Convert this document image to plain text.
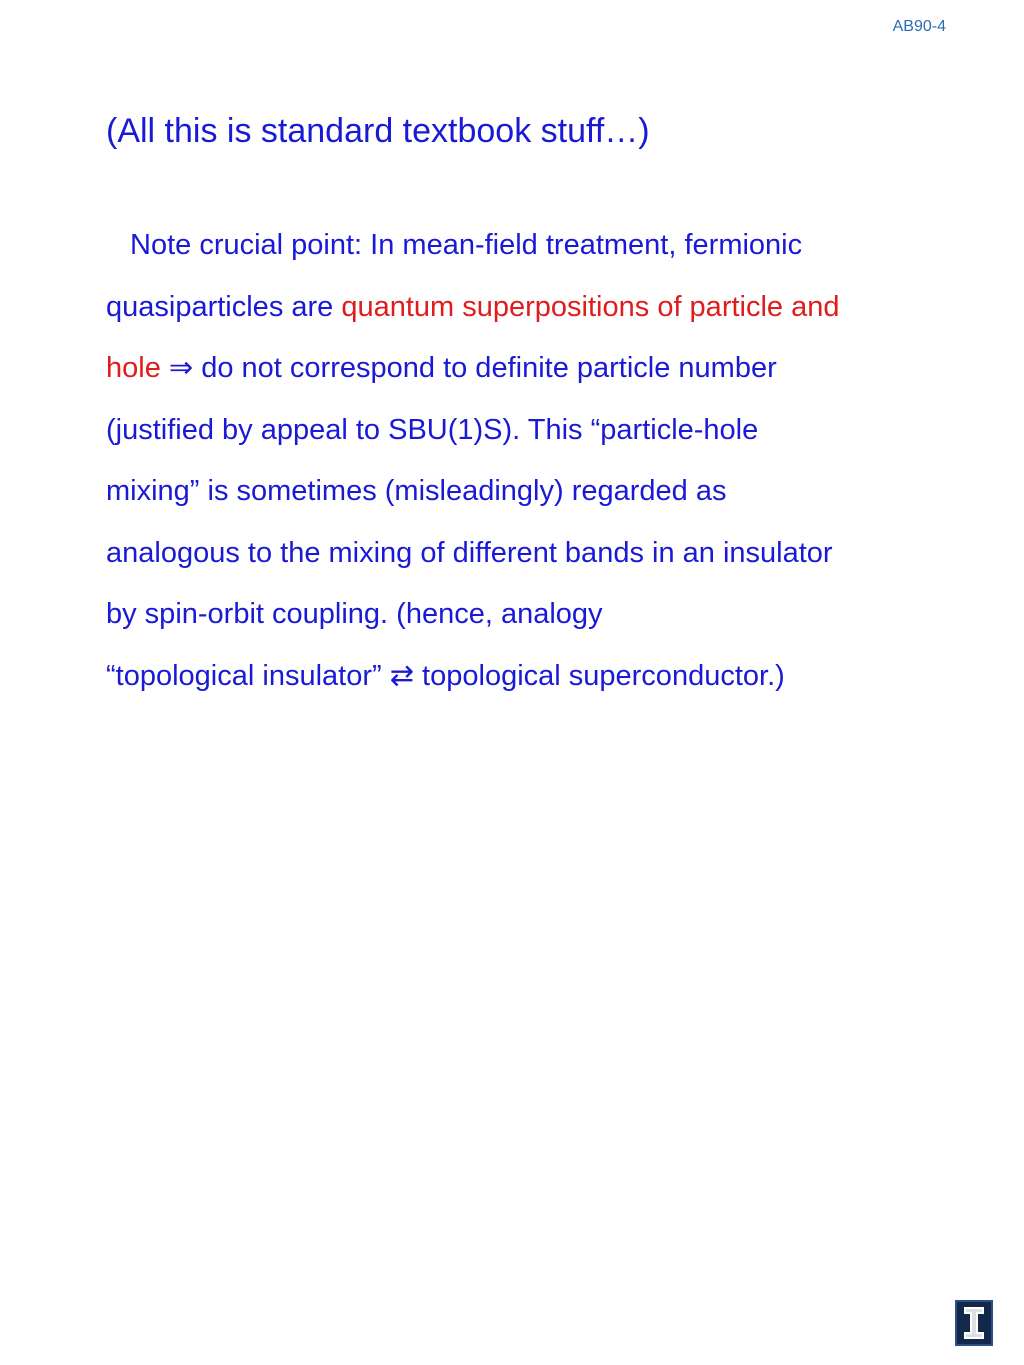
AB90-4
(All this is standard textbook stuff…)
Note crucial point: In mean-field treatment, fermionic
quasiparticles are quantum superpositions of particle and
hole ⇒ do not correspond to definite particle number
(justified by appeal to SBU(1)S). This “particle-hole
mixing” is sometimes (misleadingly) regarded as
analogous to the mixing of different bands in an insulator
by spin-orbit coupling. (hence, analogy
“topological insulator” ⇄ topological superconductor.)
